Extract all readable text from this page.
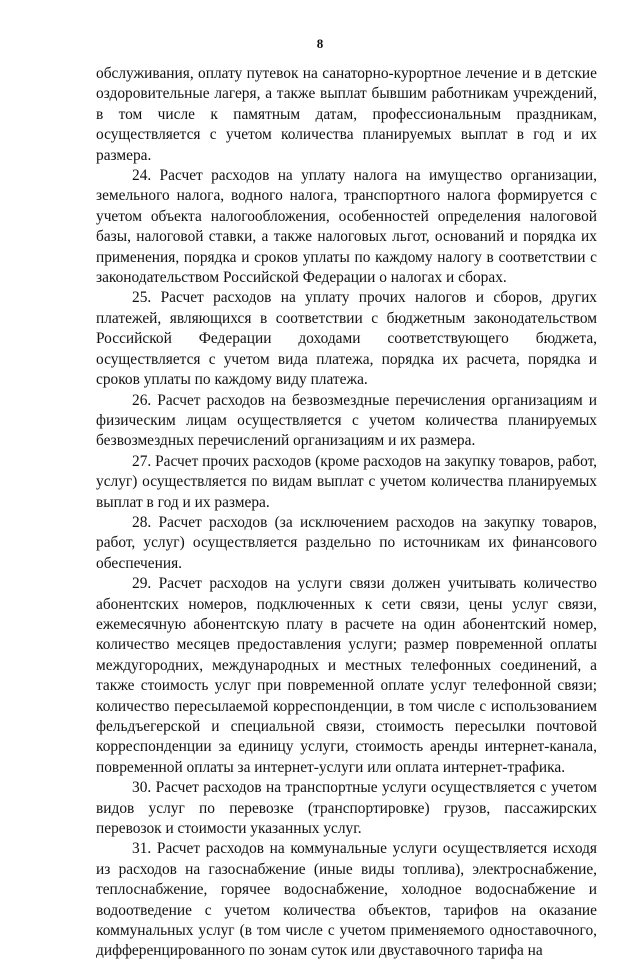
8

обслуживания, оплату путевок на санаторно-курортное лечение и в детские оздоровительные лагеря, а также выплат бывшим работникам учреждений, в том числе к памятным датам, профессиональным праздникам, осуществляется с учетом количества планируемых выплат в год и их размера.

24. Расчет расходов на уплату налога на имущество организации, земельного налога, водного налога, транспортного налога формируется с учетом объекта налогообложения, особенностей определения налоговой базы, налоговой ставки, а также налоговых льгот, оснований и порядка их применения, порядка и сроков уплаты по каждому налогу в соответствии с законодательством Российской Федерации о налогах и сборах.

25. Расчет расходов на уплату прочих налогов и сборов, других платежей, являющихся в соответствии с бюджетным законодательством Российской Федерации доходами соответствующего бюджета, осуществляется с учетом вида платежа, порядка их расчета, порядка и сроков уплаты по каждому виду платежа.

26. Расчет расходов на безвозмездные перечисления организациям и физическим лицам осуществляется с учетом количества планируемых безвозмездных перечислений организациям и их размера.

27. Расчет прочих расходов (кроме расходов на закупку товаров, работ, услуг) осуществляется по видам выплат с учетом количества планируемых выплат в год и их размера.

28. Расчет расходов (за исключением расходов на закупку товаров, работ, услуг) осуществляется раздельно по источникам их финансового обеспечения.

29. Расчет расходов на услуги связи должен учитывать количество абонентских номеров, подключенных к сети связи, цены услуг связи, ежемесячную абонентскую плату в расчете на один абонентский номер, количество месяцев предоставления услуги; размер повременной оплаты междугородних, международных и местных телефонных соединений, а также стоимость услуг при повременной оплате услуг телефонной связи; количество пересылаемой корреспонденции, в том числе с использованием фельдъегерской и специальной связи, стоимость пересылки почтовой корреспонденции за единицу услуги, стоимость аренды интернет-канала, повременной оплаты за интернет-услуги или оплата интернет-трафика.

30. Расчет расходов на транспортные услуги осуществляется с учетом видов услуг по перевозке (транспортировке) грузов, пассажирских перевозок и стоимости указанных услуг.

31. Расчет расходов на коммунальные услуги осуществляется исходя из расходов на газоснабжение (иные виды топлива), электроснабжение, теплоснабжение, горячее водоснабжение, холодное водоснабжение и водоотведение с учетом количества объектов, тарифов на оказание коммунальных услуг (в том числе с учетом применяемого одноставочного, дифференцированного по зонам суток или двуставочного тарифа на
